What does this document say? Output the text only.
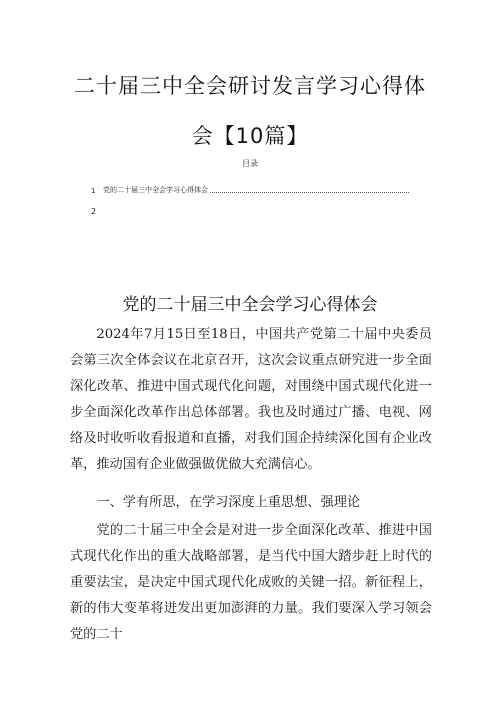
二十届三中全会研讨发言学习心得体
会【10篇】
目录
1	党的二十届三中全会学习心得体会
2
党的二十届三中全会学习心得体会

2024年7月15日至18日，中国共产党第二十届中央委员会第三次全体会议在北京召开，这次会议重点研究进一步全面深化改革、推进中国式现代化问题，对围绕中国式现代化进一步全面深化改革作出总体部署。我也及时通过广播、电视、网络及时收听收看报道和直播，对我们国企持续深化国有企业改革，推动国有企业做强做优做大充满信心。

一、学有所思，在学习深度上重思想、强理论

党的二十届三中全会是对进一步全面深化改革、推进中国式现代化作出的重大战略部署，是当代中国大踏步赶上时代的重要法宝，是决定中国式现代化成败的关键一招。新征程上，新的伟大变革将迸发出更加澎湃的力量。我们要深入学习领会党的二十
